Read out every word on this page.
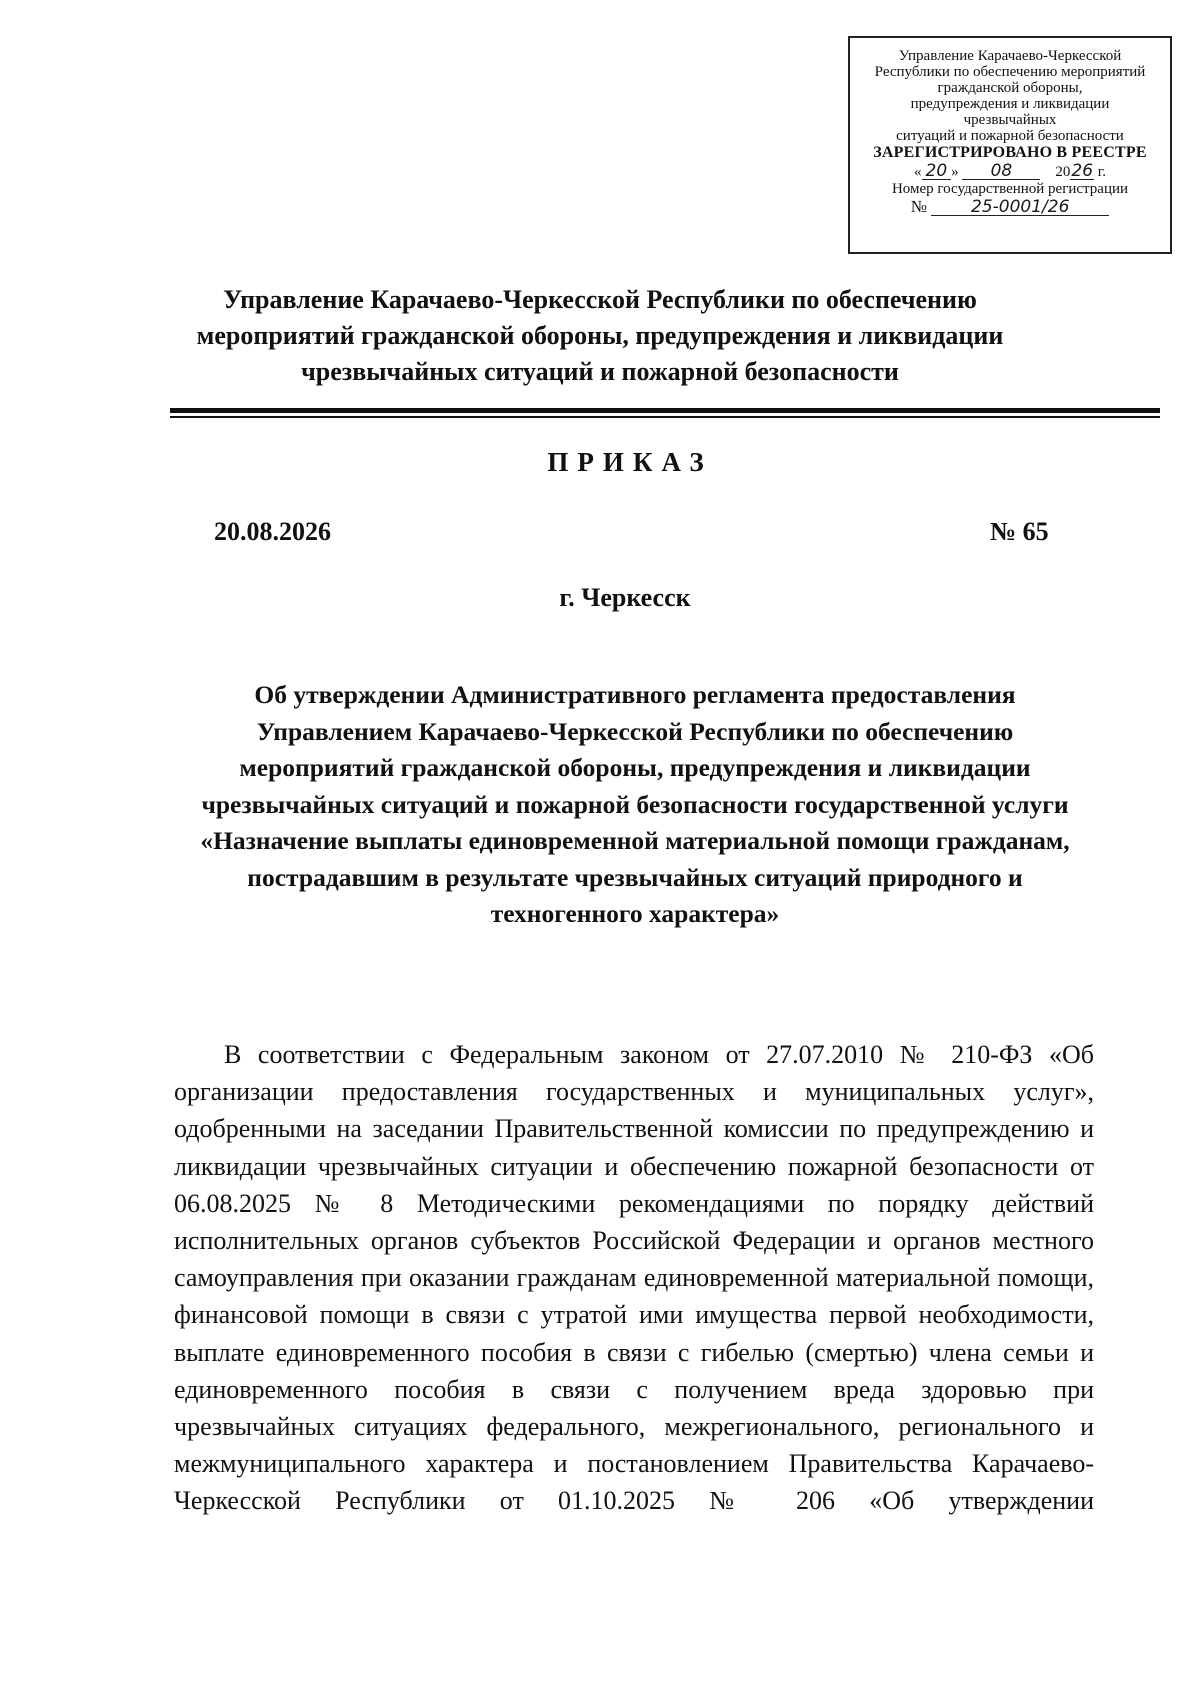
Управление Карачаево-Черкесской
Республики по обеспечению мероприятий
гражданской обороны,
предупреждения и ликвидации
чрезвычайных
ситуаций и пожарной безопасности
ЗАРЕГИСТРИРОВАНО В РЕЕСТРЕ
« 20 » 08	2026 г.
Номер государственной регистрации
№	25-0001/26
Управление Карачаево-Черкесской Республики по обеспечению мероприятий гражданской обороны, предупреждения и ликвидации чрезвычайных ситуаций и пожарной безопасности
ПРИКАЗ
20.08.2026	№ 65
г. Черкесск
Об утверждении Административного регламента предоставления Управлением Карачаево-Черкесской Республики по обеспечению мероприятий гражданской обороны, предупреждения и ликвидации чрезвычайных ситуаций и пожарной безопасности государственной услуги «Назначение выплаты единовременной материальной помощи гражданам, пострадавшим в результате чрезвычайных ситуаций природного и техногенного характера»
В соответствии с Федеральным законом от 27.07.2010 № 210-ФЗ «Об организации предоставления государственных и муниципальных услуг», одобренными на заседании Правительственной комиссии по предупреждению и ликвидации чрезвычайных ситуации и обеспечению пожарной безопасности от 06.08.2025 № 8 Методическими рекомендациями по порядку действий исполнительных органов субъектов Российской Федерации и органов местного самоуправления при оказании гражданам единовременной материальной помощи, финансовой помощи в связи с утратой ими имущества первой необходимости, выплате единовременного пособия в связи с гибелью (смертью) члена семьи и единовременного пособия в связи с получением вреда здоровью при чрезвычайных ситуациях федерального, межрегионального, регионального и межмуниципального характера и постановлением Правительства Карачаево-Черкесской Республики от 01.10.2025 № 206 «Об утверждении
